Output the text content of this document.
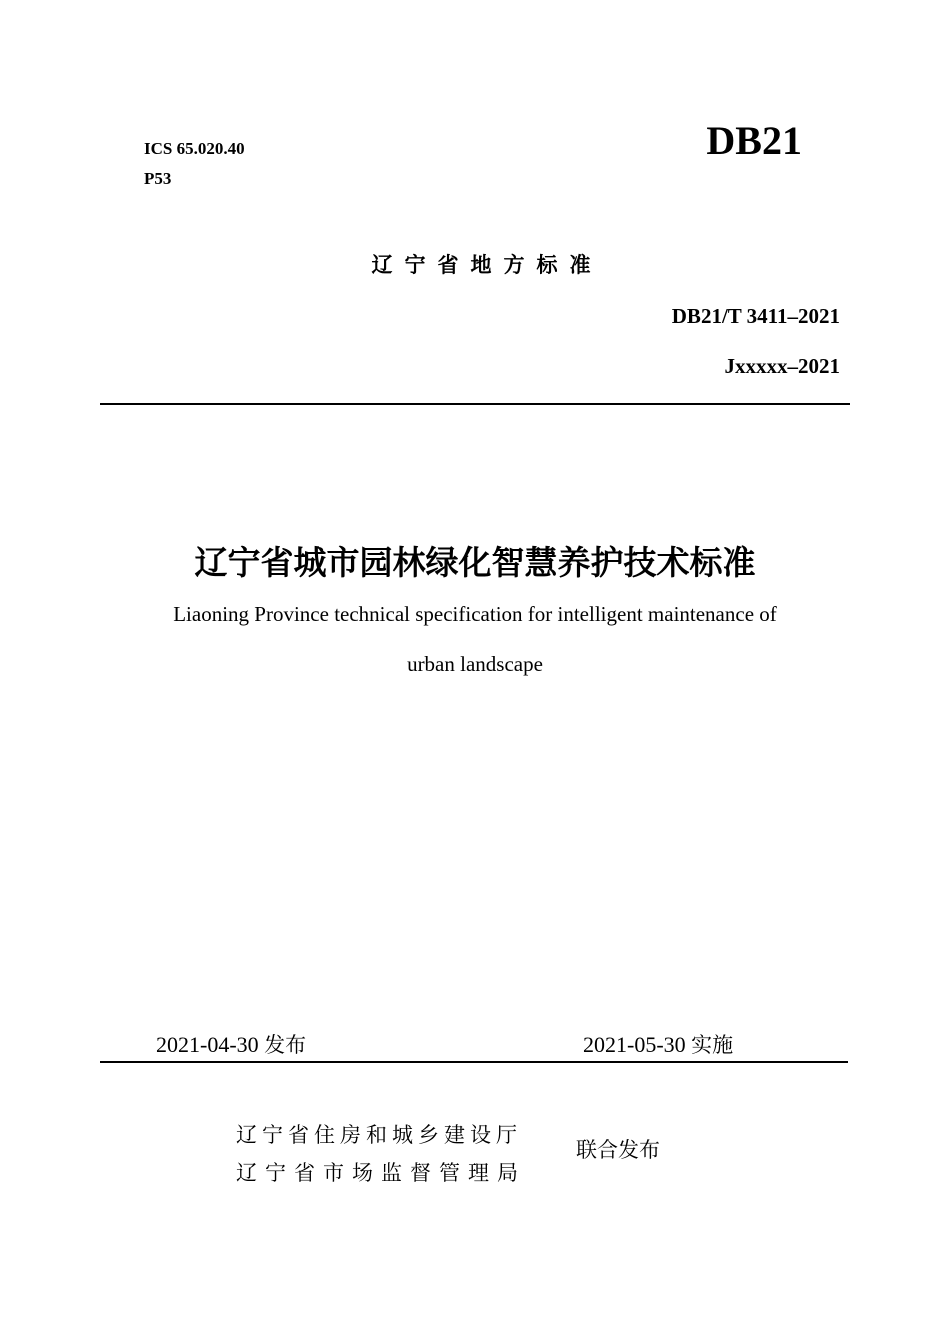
ICS 65.020.40
P53
DB21
辽宁省地方标准
DB21/T 3411–2021
Jxxxxx–2021
辽宁省城市园林绿化智慧养护技术标准
Liaoning Province technical specification for intelligent maintenance of
urban landscape
2021-04-30 发布	2021-05-30 实施
辽宁省住房和城乡建设厅
辽宁省市场监督管理局
联合发布
